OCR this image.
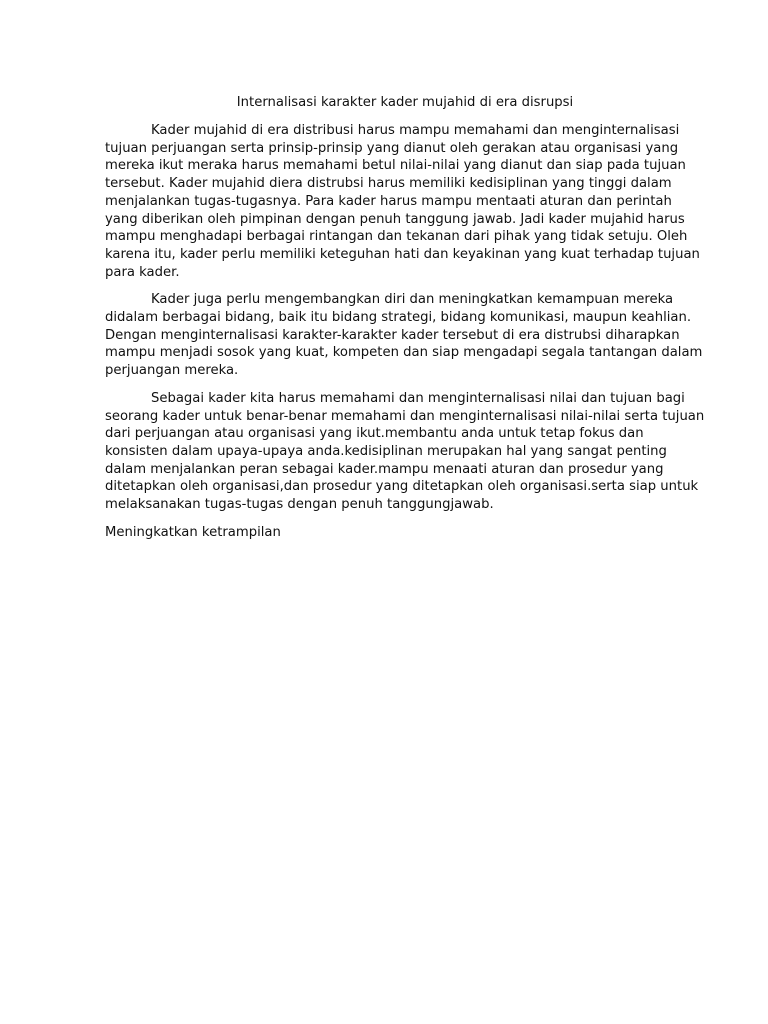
Internalisasi karakter kader mujahid di era disrupsi

Kader mujahid di era distribusi harus mampu memahami dan menginternalisasi tujuan perjuangan serta prinsip-prinsip yang dianut oleh gerakan atau organisasi yang mereka ikut meraka harus memahami betul nilai-nilai yang dianut dan siap pada tujuan tersebut. Kader mujahid diera distrubsi harus memiliki kedisiplinan yang tinggi dalam menjalankan tugas-tugasnya. Para kader harus mampu mentaati aturan dan perintah yang diberikan oleh pimpinan dengan penuh tanggung jawab. Jadi kader mujahid harus mampu menghadapi berbagai rintangan dan tekanan dari pihak yang tidak setuju. Oleh karena itu, kader perlu memiliki keteguhan hati dan keyakinan yang kuat terhadap tujuan para kader.

Kader juga perlu mengembangkan diri dan meningkatkan kemampuan mereka didalam berbagai bidang, baik itu bidang strategi, bidang komunikasi, maupun keahlian. Dengan menginternalisasi karakter-karakter kader tersebut di era distrubsi diharapkan mampu menjadi sosok yang kuat, kompeten dan siap mengadapi segala tantangan dalam perjuangan mereka.

Sebagai kader kita harus memahami dan menginternalisasi nilai dan tujuan bagi seorang kader untuk benar-benar memahami dan menginternalisasi nilai-nilai serta tujuan dari perjuangan atau organisasi yang ikut.membantu anda untuk tetap fokus dan konsisten dalam upaya-upaya anda.kedisiplinan merupakan hal yang sangat penting dalam menjalankan peran sebagai kader.mampu menaati aturan dan prosedur yang ditetapkan oleh organisasi,dan prosedur yang ditetapkan oleh organisasi.serta siap untuk melaksanakan tugas-tugas dengan penuh tanggungjawab.

Meningkatkan ketrampilan
